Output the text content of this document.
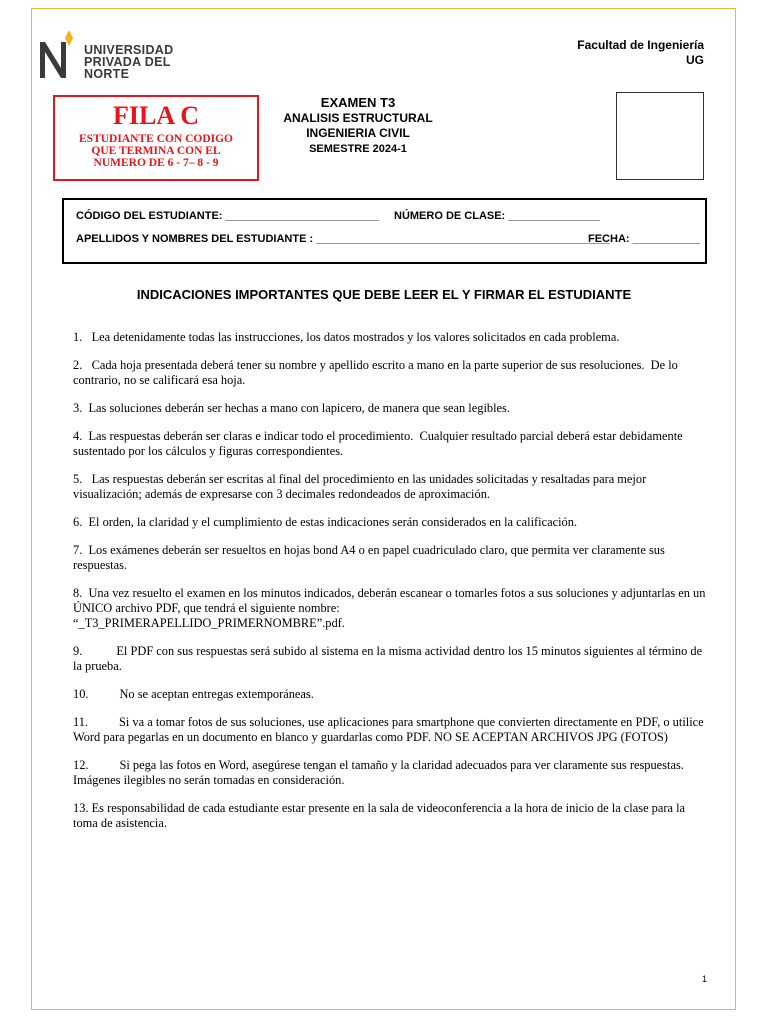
UNIVERSIDAD
PRIVADA DEL NORTE
Facultad de Ingeniería
UG
FILA C
ESTUDIANTE CON CODIGO
QUE TERMINA CON EL
NUMERO DE 6 - 7– 8 - 9
EXAMEN T3
ANALISIS ESTRUCTURAL
INGENIERIA CIVIL
SEMESTRE 2024-1
CÓDIGO DEL ESTUDIANTE: _________________________ NÚMERO DE CLASE: _______________
APELLIDOS Y NOMBRES DEL ESTUDIANTE : ________________________________________________
FECHA: ___________
INDICACIONES IMPORTANTES QUE DEBE LEER EL Y FIRMAR EL ESTUDIANTE

1.   Lea detenidamente todas las instrucciones, los datos mostrados y los valores solicitados en cada problema.

2.   Cada hoja presentada deberá tener su nombre y apellido escrito a mano en la parte superior de sus resoluciones.  De lo contrario, no se calificará esa hoja.

3.  Las soluciones deberán ser hechas a mano con lapicero, de manera que sean legibles.

4.  Las respuestas deberán ser claras e indicar todo el procedimiento.  Cualquier resultado parcial deberá estar debidamente sustentado por los cálculos y figuras correspondientes.

5.   Las respuestas deberán ser escritas al final del procedimiento en las unidades solicitadas y resaltadas para mejor visualización; además de expresarse con 3 decimales redondeados de aproximación.

6.  El orden, la claridad y el cumplimiento de estas indicaciones serán considerados en la calificación.

7.  Los exámenes deberán ser resueltos en hojas bond A4 o en papel cuadriculado claro, que permita ver claramente sus respuestas.

8.  Una vez resuelto el examen en los minutos indicados, deberán escanear o tomarles fotos a sus soluciones y adjuntarlas en un ÚNICO archivo PDF, que tendrá el siguiente nombre:
“_T3_PRIMERAPELLIDO_PRIMERNOMBRE”.pdf.

9.           El PDF con sus respuestas será subido al sistema en la misma actividad dentro los 15 minutos siguientes al término de la prueba.

10.          No se aceptan entregas extemporáneas.

11.          Si va a tomar fotos de sus soluciones, use aplicaciones para smartphone que convierten directamente en PDF, o utilice Word para pegarlas en un documento en blanco y guardarlas como PDF. NO SE ACEPTAN ARCHIVOS JPG (FOTOS)

12.          Si pega las fotos en Word, asegúrese tengan el tamaño y la claridad adecuados para ver claramente sus respuestas.  Imágenes ilegibles no serán tomadas en consideración.

13. Es responsabilidad de cada estudiante estar presente en la sala de videoconferencia a la hora de inicio de la clase para la toma de asistencia.

1
